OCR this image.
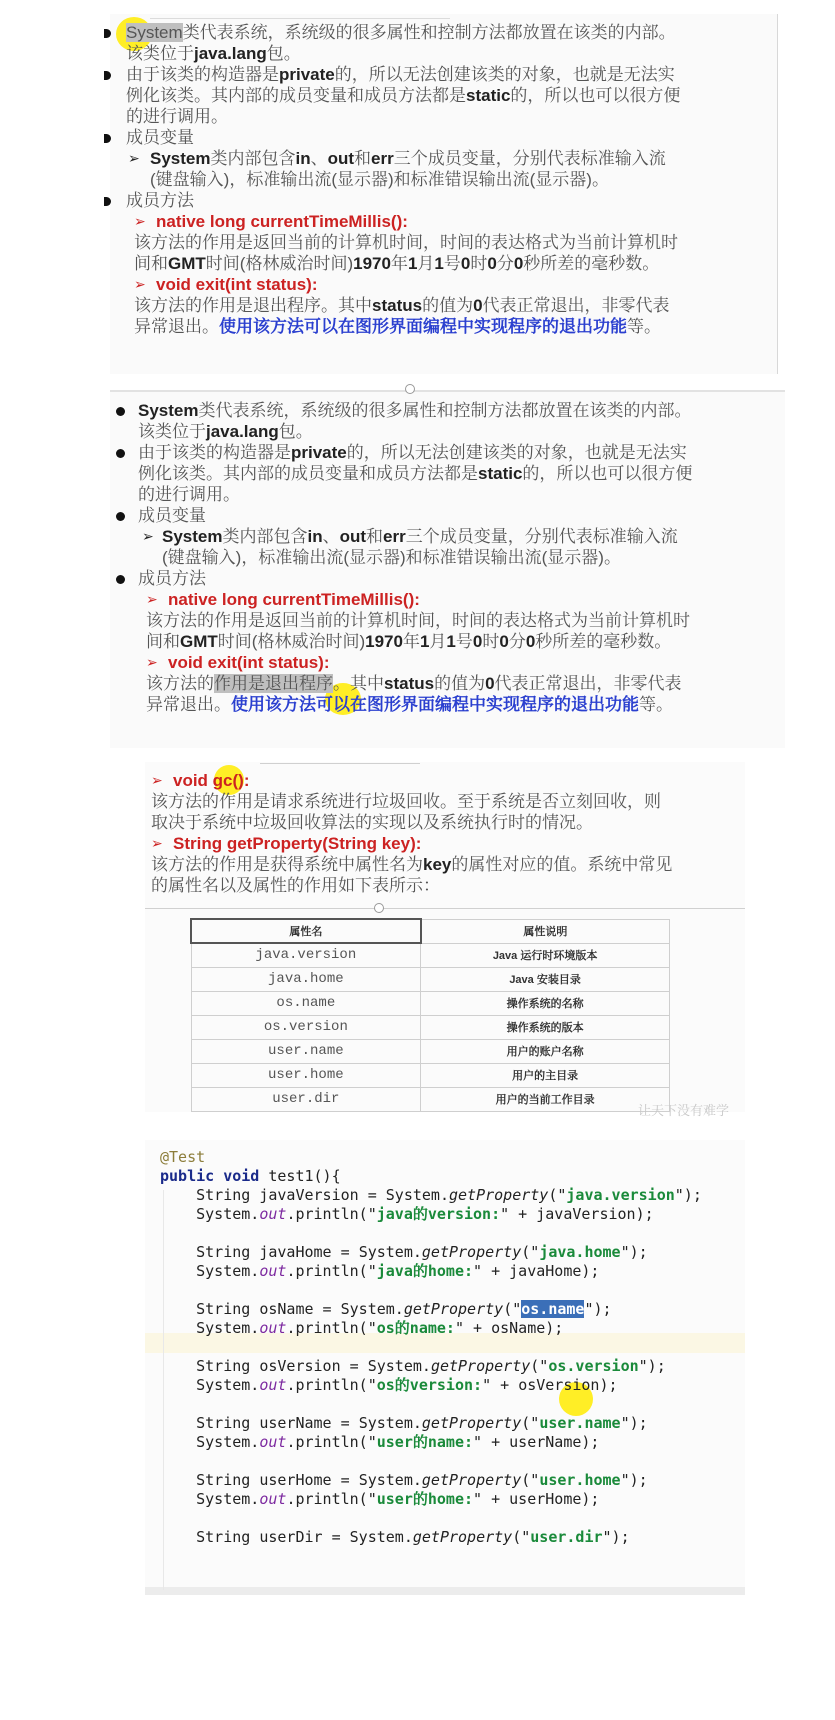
System类代表系统，系统级的很多属性和控制方法都放置在该类的内部。
该类位于java.lang包。
由于该类的构造器是private的，所以无法创建该类的对象，也就是无法实
例化该类。其内部的成员变量和成员方法都是static的，所以也可以很方便
的进行调用。
成员变量
➢ System类内部包含in、out和err三个成员变量，分别代表标准输入流
(键盘输入)，标准输出流(显示器)和标准错误输出流(显示器)。
成员方法
➢ native long currentTimeMillis():
该方法的作用是返回当前的计算机时间，时间的表达格式为当前计算机时
间和GMT时间(格林威治时间)1970年1月1号0时0分0秒所差的毫秒数。
➢ void exit(int status):
该方法的作用是退出程序。其中status的值为0代表正常退出，非零代表
异常退出。使用该方法可以在图形界面编程中实现程序的退出功能等。
System类代表系统，系统级的很多属性和控制方法都放置在该类的内部。
该类位于java.lang包。
由于该类的构造器是private的，所以无法创建该类的对象，也就是无法实
例化该类。其内部的成员变量和成员方法都是static的，所以也可以很方便
的进行调用。
成员变量
➢ System类内部包含in、out和err三个成员变量，分别代表标准输入流
(键盘输入)，标准输出流(显示器)和标准错误输出流(显示器)。
成员方法
➢ native long currentTimeMillis():
该方法的作用是返回当前的计算机时间，时间的表达格式为当前计算机时
间和GMT时间(格林威治时间)1970年1月1号0时0分0秒所差的毫秒数。
➢ void exit(int status):
该方法的作用是退出程序。其中status的值为0代表正常退出，非零代表
异常退出。使用该方法可以在图形界面编程中实现程序的退出功能等。
➢ void gc():
该方法的作用是请求系统进行垃圾回收。至于系统是否立刻回收，则
取决于系统中垃圾回收算法的实现以及系统执行时的情况。
➢ String getProperty(String key):
该方法的作用是获得系统中属性名为key的属性对应的值。系统中常见
的属性名以及属性的作用如下表所示：
属性名	属性说明
java.version	Java 运行时环境版本
java.home	Java 安装目录
os.name	操作系统的名称
os.version	操作系统的版本
user.name	用户的账户名称
user.home	用户的主目录
user.dir	用户的当前工作目录
让天下没有难学
@Test
public void test1(){
String javaVersion = System.getProperty("java.version");
System.out.println("java的version:" + javaVersion);

String javaHome = System.getProperty("java.home");
System.out.println("java的home:" + javaHome);

String osName = System.getProperty("os.name");
System.out.println("os的name:" + osName);

String osVersion = System.getProperty("os.version");
System.out.println("os的version:" + osVersion);

String userName = System.getProperty("user.name");
System.out.println("user的name:" + userName);

String userHome = System.getProperty("user.home");
System.out.println("user的home:" + userHome);

String userDir = System.getProperty("user.dir");
